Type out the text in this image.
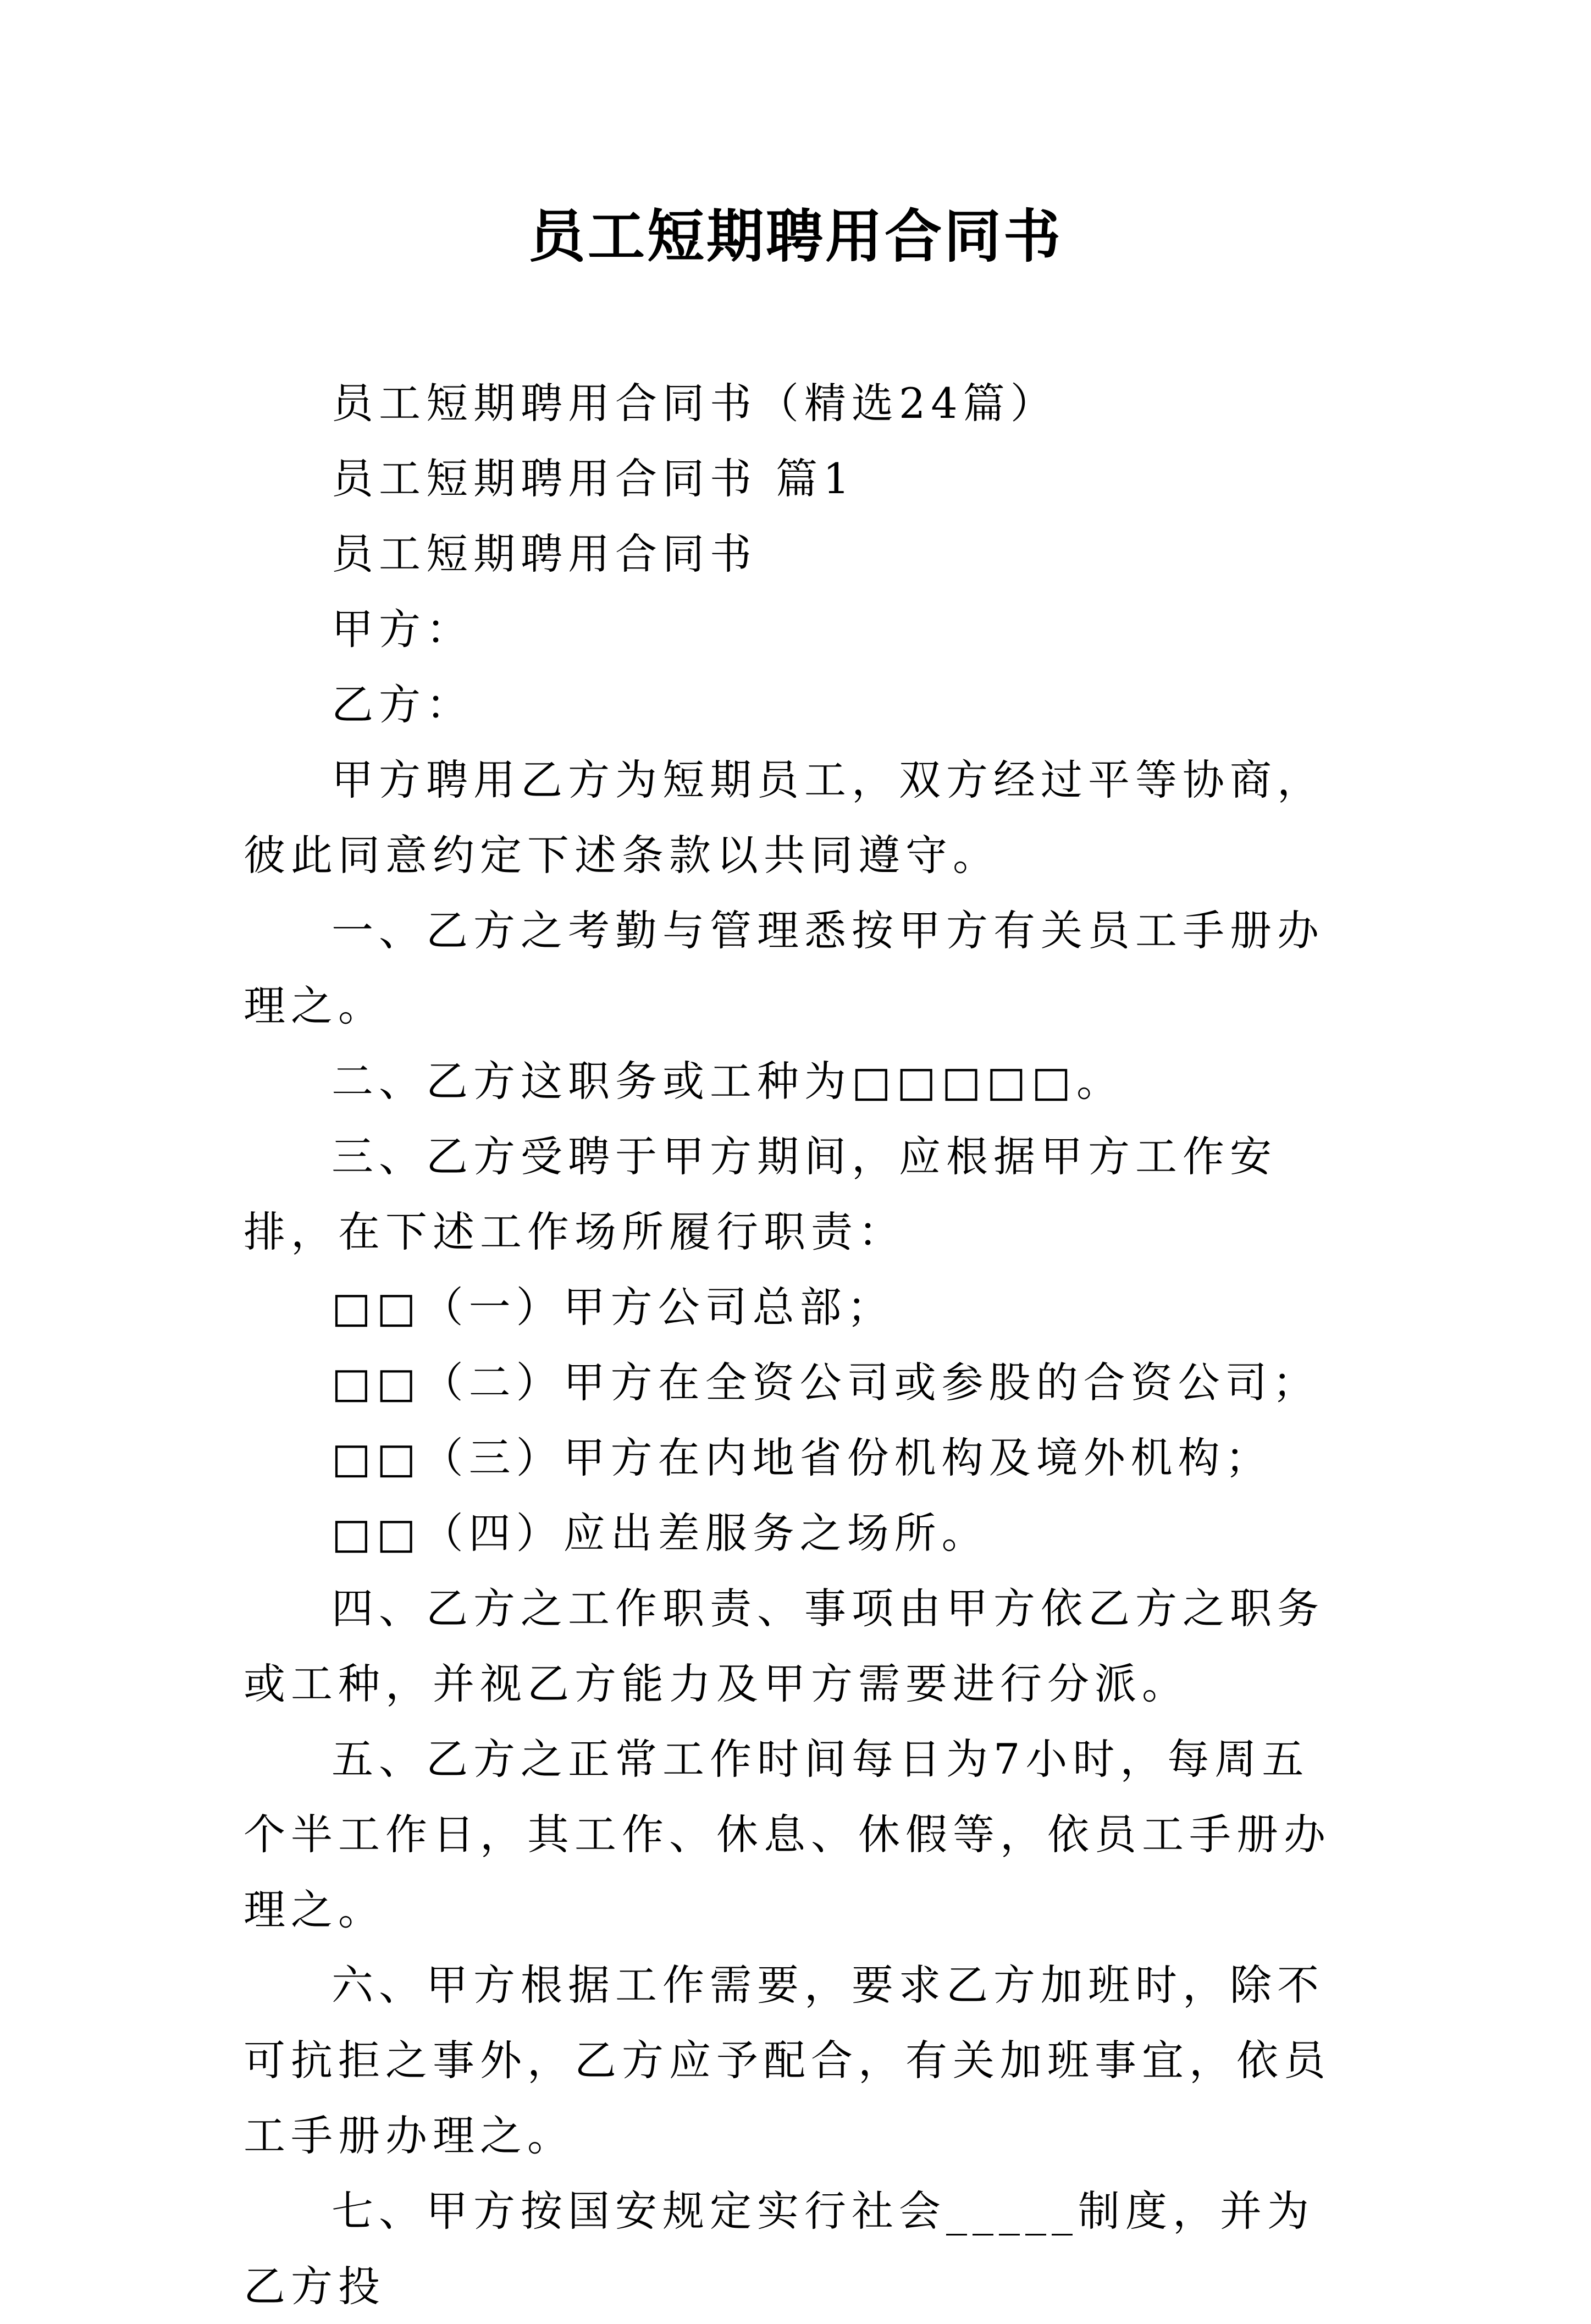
员工短期聘用合同书

员工短期聘用合同书（精选24篇）

员工短期聘用合同书 篇1

员工短期聘用合同书

甲方：

乙方：

甲方聘用乙方为短期员工，双方经过平等协商，彼此同意约定下述条款以共同遵守。

一、乙方之考勤与管理悉按甲方有关员工手册办理之。

二、乙方这职务或工种为□□□□□。

三、乙方受聘于甲方期间，应根据甲方工作安排，在下述工作场所履行职责：

□□（一）甲方公司总部；

□□（二）甲方在全资公司或参股的合资公司；

□□（三）甲方在内地省份机构及境外机构；

□□（四）应出差服务之场所。

四、乙方之工作职责、事项由甲方依乙方之职务或工种，并视乙方能力及甲方需要进行分派。

五、乙方之正常工作时间每日为7小时，每周五个半工作日，其工作、休息、休假等，依员工手册办理之。

六、甲方根据工作需要，要求乙方加班时，除不可抗拒之事外，乙方应予配合，有关加班事宜，依员工手册办理之。

七、甲方按国安规定实行社会_____制度，并为乙方投
